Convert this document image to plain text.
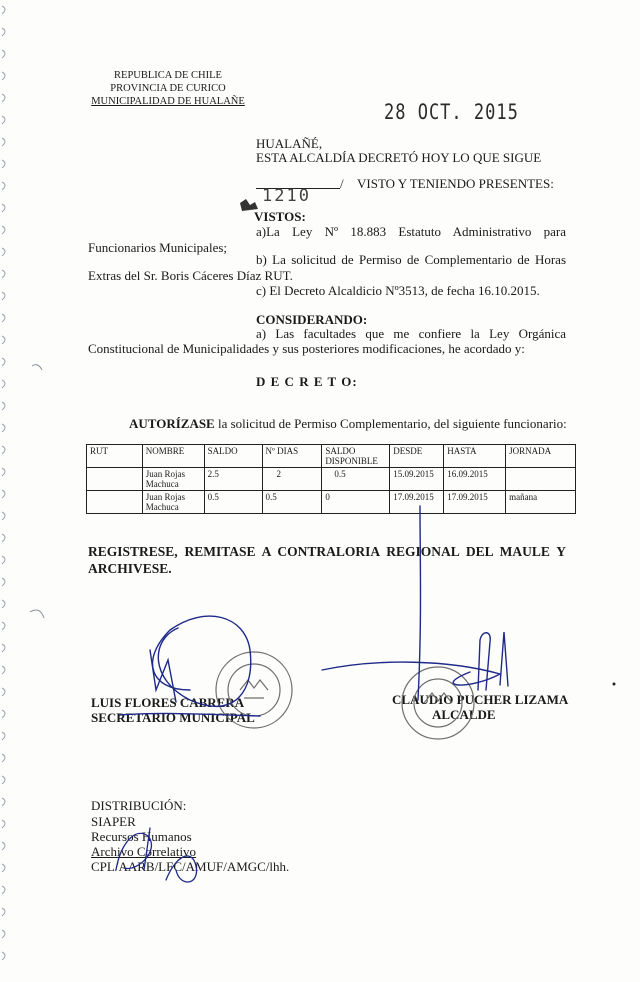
REPUBLICA DE CHILE
PROVINCIA DE CURICO
MUNICIPALIDAD DE HUALAÑE	28 OCT. 2015
HUALAÑÉ,
ESTA ALCALDÍA DECRETÓ HOY LO QUE SIGUE
1210
/ VISTO Y TENIENDO PRESENTES:
VISTOS:
a)La Ley Nº 18.883 Estatuto Administrativo para
Funcionarios Municipales;
b) La solicitud de Permiso de Complementario de Horas
Extras del Sr. Boris Cáceres Díaz RUT.
c) El Decreto Alcaldicio Nº3513, de fecha 16.10.2015.
CONSIDERANDO:
a) Las facultades que me confiere la Ley Orgánica
Constitucional de Municipalidades y sus posteriores modificaciones, he acordado y:
D E C R E T O:
AUTORÍZASE la solicitud de Permiso Complementario, del siguiente funcionario:
RUT	NOMBRE	SALDO	Nº DIAS	SALDO DISPONIBLE	DESDE	HASTA	JORNADA
	Juan Rojas Machuca	2.5	2	0.5	15.09.2015	16.09.2015	
	Juan Rojas Machuca	0.5	0.5	0	17.09.2015	17.09.2015	mañana
REGISTRESE, REMITASE A CONTRALORIA REGIONAL DEL MAULE Y
ARCHIVESE.
LUIS FLORES CABRERA
SECRETARIO MUNICIPAL
CLAUDIO PUCHER LIZAMA
ALCALDE
DISTRIBUCIÓN:
SIAPER
Recursos Humanos
Archivo Correlativo
CPL/AARB/LFC/AMUF/AMGC/lhh.
